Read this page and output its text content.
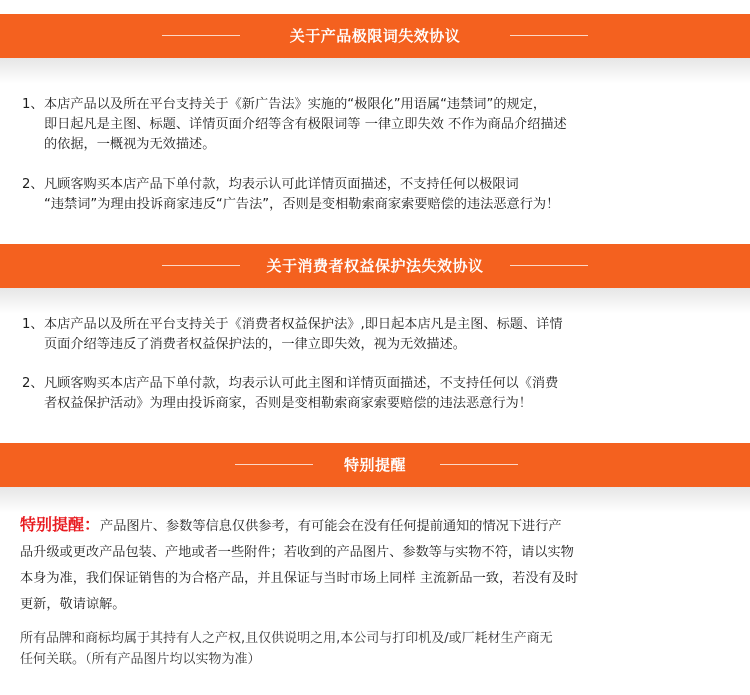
关于产品极限词失效协议
1、本店产品以及所在平台支持关于《新广告法》实施的“极限化”用语属“违禁词”的规定，
即日起凡是主图、标题、详情页面介绍等含有极限词等 一律立即失效 不作为商品介绍描述
的依据，一概视为无效描述。
2、凡顾客购买本店产品下单付款，均表示认可此详情页面描述，不支持任何以极限词
“违禁词”为理由投诉商家违反“广告法”，否则是变相勒索商家索要赔偿的违法恶意行为！
关于消费者权益保护法失效协议
1、本店产品以及所在平台支持关于《消费者权益保护法》,即日起本店凡是主图、标题、详情
页面介绍等违反了消费者权益保护法的，一律立即失效，视为无效描述。
2、凡顾客购买本店产品下单付款，均表示认可此主图和详情页面描述，不支持任何以《消费
者权益保护活动》为理由投诉商家，否则是变相勒索商家索要赔偿的违法恶意行为！
特别提醒
特别提醒：产品图片、参数等信息仅供参考，有可能会在没有任何提前通知的情况下进行产
品升级或更改产品包装、产地或者一些附件；若收到的产品图片、参数等与实物不符，请以实物
本身为准，我们保证销售的为合格产品，并且保证与当时市场上同样 主流新品一致，若没有及时
更新，敬请谅解。
所有品牌和商标均属于其持有人之产权,且仅供说明之用,本公司与打印机及/或厂耗材生产商无
任何关联。（所有产品图片均以实物为准）
